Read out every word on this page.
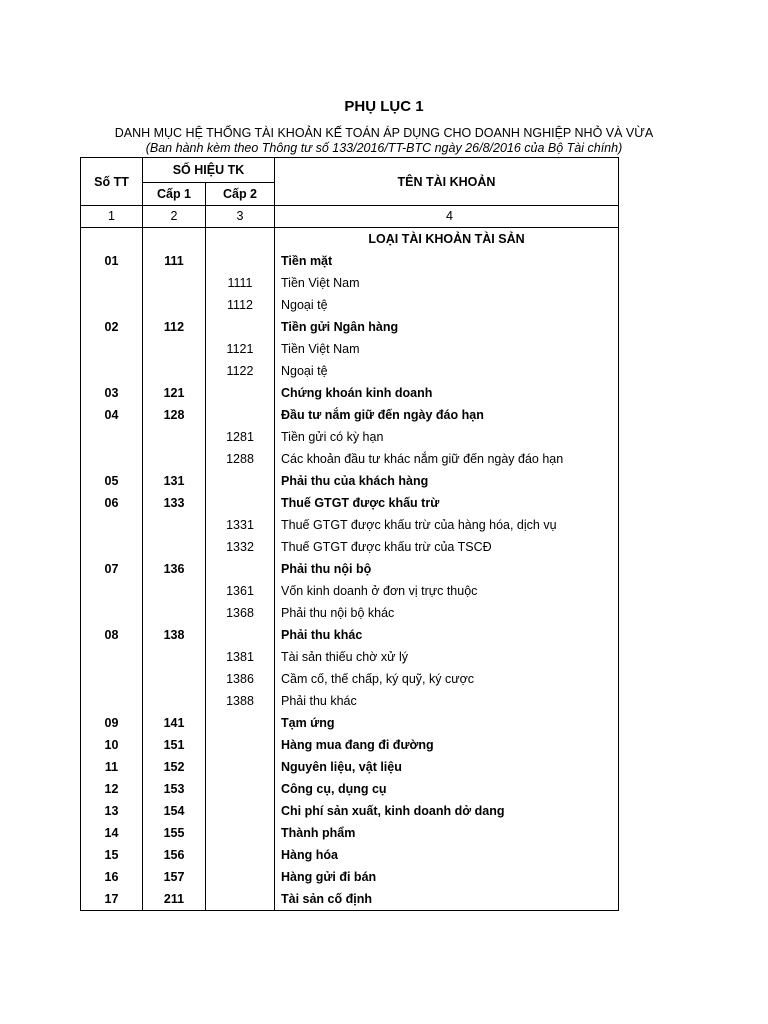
PHỤ LỤC 1
DANH MỤC HỆ THỐNG TÀI KHOẢN KẾ TOÁN ÁP DỤNG CHO DOANH NGHIỆP NHỎ VÀ VỪA
(Ban hành kèm theo Thông tư số 133/2016/TT-BTC ngày 26/8/2016 của Bộ Tài chính)
Số TT	SỐ HIỆU TK		TÊN TÀI KHOẢN
	Cấp 1	Cấp 2	
1	2	3	4
			LOẠI TÀI KHOẢN TÀI SẢN
01	111		Tiền mặt
		1111	Tiền Việt Nam
		1112	Ngoại tệ
02	112		Tiền gửi Ngân hàng
		1121	Tiền Việt Nam
		1122	Ngoại tệ
03	121		Chứng khoán kinh doanh
04	128		Đầu tư nắm giữ đến ngày đáo hạn
		1281	Tiền gửi có kỳ hạn
		1288	Các khoản đầu tư khác nắm giữ đến ngày đáo hạn
05	131		Phải thu của khách hàng
06	133		Thuế GTGT được khấu trừ
		1331	Thuế GTGT được khấu trừ của hàng hóa, dịch vụ
		1332	Thuế GTGT được khấu trừ của TSCĐ
07	136		Phải thu nội bộ
		1361	Vốn kinh doanh ở đơn vị trực thuộc
		1368	Phải thu nội bộ khác
08	138		Phải thu khác
		1381	Tài sản thiếu chờ xử lý
		1386	Cầm cố, thế chấp, ký quỹ, ký cược
		1388	Phải thu khác
09	141		Tạm ứng
10	151		Hàng mua đang đi đường
11	152		Nguyên liệu, vật liệu
12	153		Công cụ, dụng cụ
13	154		Chi phí sản xuất, kinh doanh dở dang
14	155		Thành phẩm
15	156		Hàng hóa
16	157		Hàng gửi đi bán
17	211		Tài sản cố định
